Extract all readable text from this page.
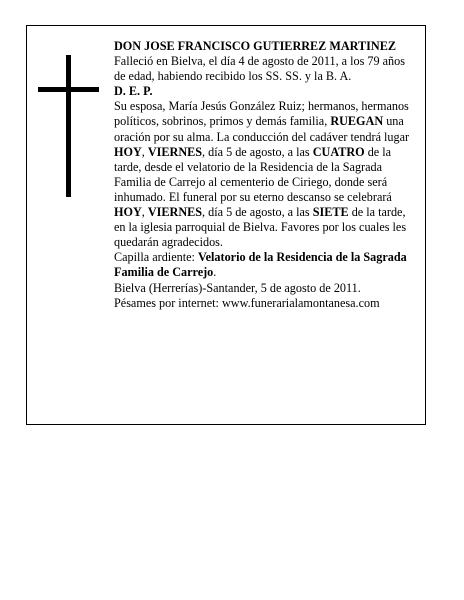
DON JOSE FRANCISCO GUTIERREZ MARTINEZ

Falleció en Bielva, el día 4 de agosto de 2011, a los 79 años de edad, habiendo recibido los SS. SS. y la B. A.
D. E. P.

Su esposa, María Jesús González Ruiz; hermanos, hermanos políticos, sobrinos, primos y demás familia, RUEGAN una oración por su alma. La conducción del cadáver tendrá lugar HOY, VIERNES, día 5 de agosto, a las CUATRO de la tarde, desde el velatorio de la Residencia de la Sagrada Familia de Carrejo al cementerio de Ciriego, donde será inhumado. El funeral por su eterno descanso se celebrará HOY, VIERNES, día 5 de agosto, a las SIETE de la tarde, en la iglesia parroquial de Bielva. Favores por los cuales les quedarán agradecidos.

Capilla ardiente: Velatorio de la Residencia de la Sagrada Familia de Carrejo.

Bielva (Herrerías)-Santander, 5 de agosto de 2011.

Pésames por internet: www.funerarialamontanesa.com
